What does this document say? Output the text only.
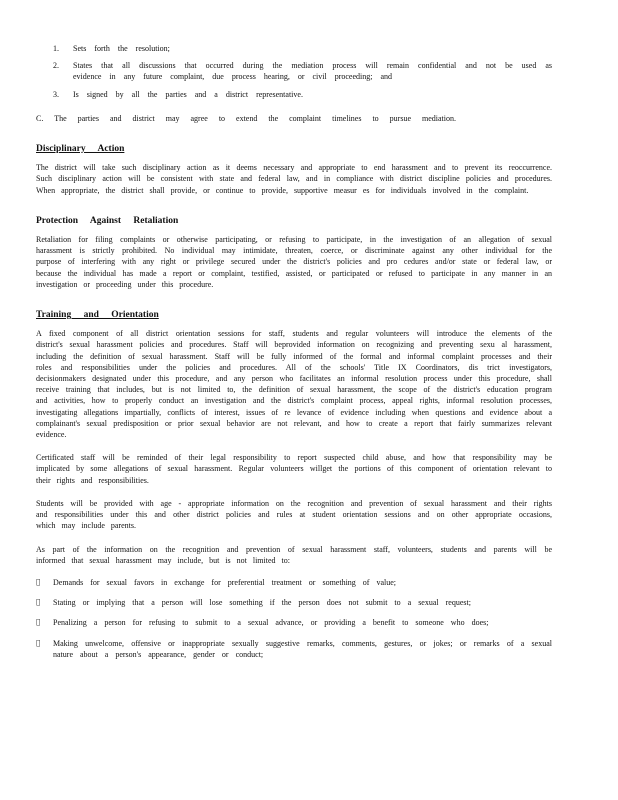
1. Sets forth the resolution;

2. States that all discussions that occurred during the mediation process will remain confidential and not be used as evidence in any future complaint, due process hearing, or civil proceeding; and

3. Is signed by all the parties and a district representative.

C. The parties and district may agree to extend the complaint timelines to pursue mediation.

Disciplinary Action

The district will take such disciplinary action as it deems necessary and appropriate to end harassment and to prevent its reoccurrence. Such disciplinary action will be consistent with state and federal law, and in compliance with district discipline policies and procedures. When appropriate, the district shall provide, or continue to provide, supportive measur es for individuals involved in the complaint.

Protection Against Retaliation

Retaliation for filing complaints or otherwise participating, or refusing to participate, in the investigation of an allegation of sexual harassment is strictly prohibited. No individual may intimidate, threaten, coerce, or discriminate against any other individual for the purpose of interfering with any right or privilege secured under the district's policies and pro cedures and/or state or federal law, or because the individual has made a report or complaint, testified, assisted, or participated or refused to participate in any manner in an investigation or proceeding under this procedure.

Training and Orientation

A fixed component of all district orientation sessions for staff, students and regular volunteers will introduce the elements of the district's sexual harassment policies and procedures. Staff will beprovided information on recognizing and preventing sexu al harassment, including the definition of sexual harassment. Staff will be fully informed of the formal and informal complaint processes and their roles and responsibilities under the policies and procedures. All of the schools' Title IX Coordinators, dis trict investigators, decisionmakers designated under this procedure, and any person who facilitates an informal resolution process under this procedure, shall receive training that includes, but is not limited to, the definition of sexual harassment, the scope of the district's education program and activities, how to properly conduct an investigation and the district's complaint process, appeal rights, informal resolution processes, investigating allegations impartially, conflicts of interest, issues of re levance of evidence including when questions and evidence about a complainant's sexual predisposition or prior sexual behavior are not relevant, and how to create a report that fairly summarizes relevant evidence.

Certificated staff will be reminded of their legal responsibility to report suspected child abuse, and how that responsibility may be implicated by some allegations of sexual harassment. Regular volunteers willget the portions of this component of orientation relevant to their rights and responsibilities.

Students will be provided with age - appropriate information on the recognition and prevention of sexual harassment and their rights and responsibilities under this and other district policies and rules at student orientation sessions and on other appropriate occasions, which may include parents.

As part of the information on the recognition and prevention of sexual harassment staff, volunteers, students and parents will be informed that sexual harassment may include, but is not limited to:

Demands for sexual favors in exchange for preferential treatment or something of value;

Stating or implying that a person will lose something if the person does not submit to a sexual request;

Penalizing a person for refusing to submit to a sexual advance, or providing a benefit to someone who does;

Making unwelcome, offensive or inappropriate sexually suggestive remarks, comments, gestures, or jokes; or remarks of a sexual nature about a person's appearance, gender or conduct;
